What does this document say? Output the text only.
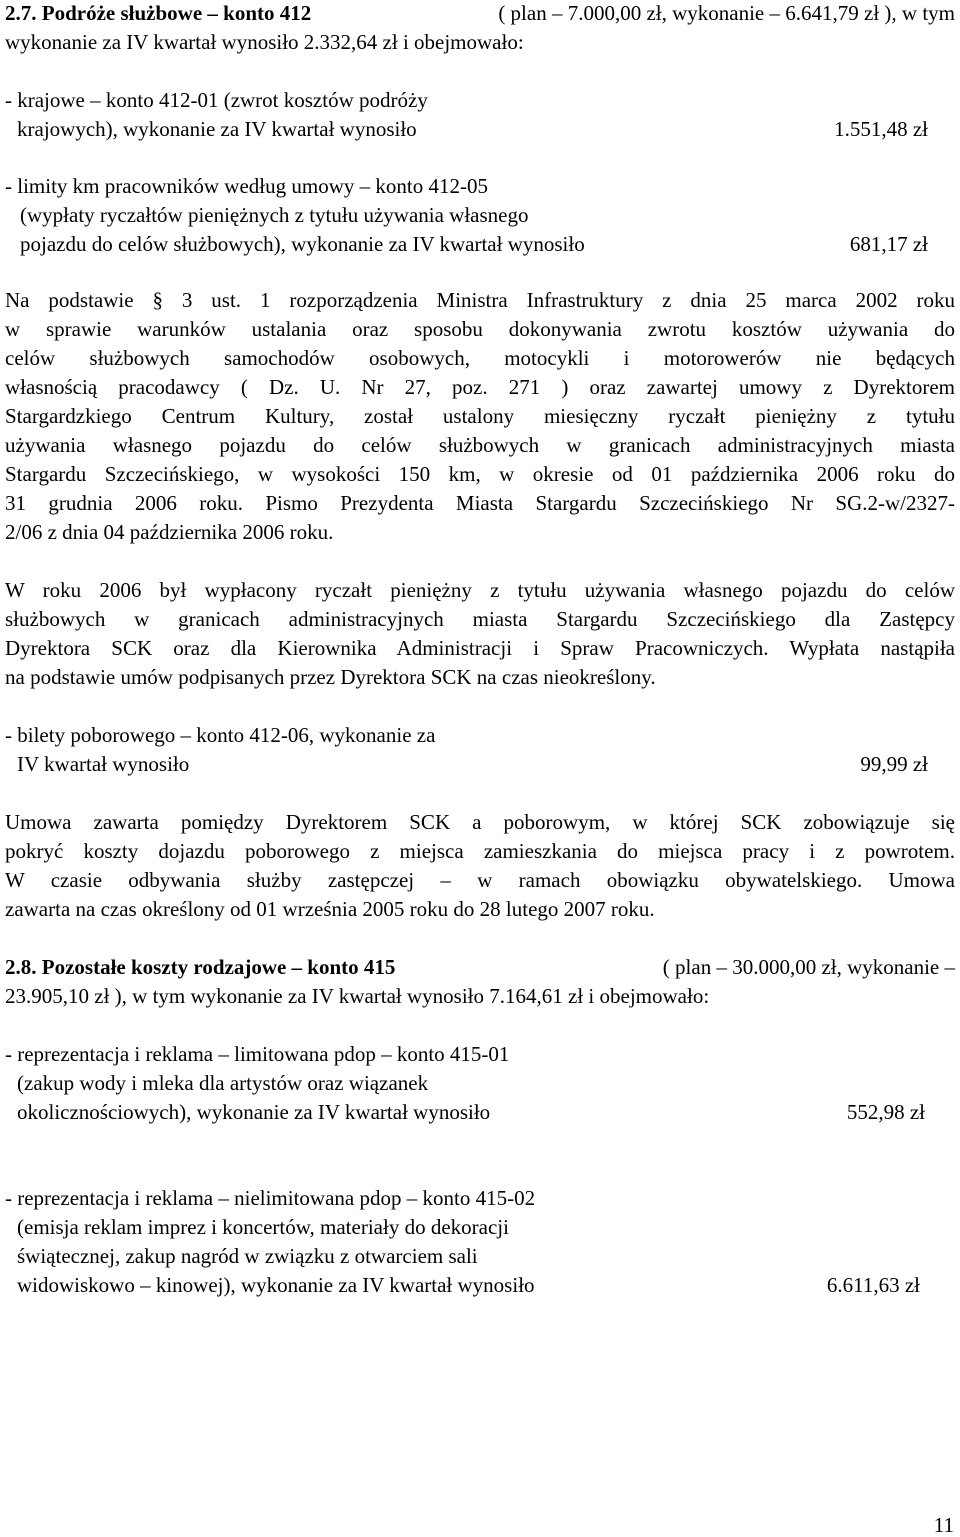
2.7. Podróże służbowe – konto 412	( plan – 7.000,00 zł, wykonanie – 6.641,79 zł ), w tym
wykonanie za IV kwartał wynosiło 2.332,64 zł i obejmowało:
- krajowe – konto 412-01 (zwrot kosztów podróży
krajowych), wykonanie za IV kwartał wynosiło	1.551,48 zł
- limity km pracowników według umowy – konto 412-05
(wypłaty ryczałtów pieniężnych z tytułu używania własnego
pojazdu do celów służbowych), wykonanie za IV kwartał wynosiło	681,17 zł
Na podstawie § 3 ust. 1 rozporządzenia Ministra Infrastruktury z dnia 25 marca 2002 roku
w sprawie warunków ustalania oraz sposobu dokonywania zwrotu kosztów używania do
celów służbowych samochodów osobowych, motocykli i motorowerów nie będących
własnością pracodawcy ( Dz. U. Nr 27, poz. 271 ) oraz zawartej umowy z Dyrektorem
Stargardzkiego Centrum Kultury, został ustalony miesięczny ryczałt pieniężny z tytułu
używania własnego pojazdu do celów służbowych w granicach administracyjnych miasta
Stargardu Szczecińskiego, w wysokości 150 km, w okresie od 01 października 2006 roku do
31 grudnia 2006 roku. Pismo Prezydenta Miasta Stargardu Szczecińskiego Nr SG.2-w/2327-
2/06 z dnia 04 października 2006 roku.
W roku 2006 był wypłacony ryczałt pieniężny z tytułu używania własnego pojazdu do celów
służbowych w granicach administracyjnych miasta Stargardu Szczecińskiego dla Zastępcy
Dyrektora SCK oraz dla Kierownika Administracji i Spraw Pracowniczych. Wypłata nastąpiła
na podstawie umów podpisanych przez Dyrektora SCK na czas nieokreślony.
- bilety poborowego – konto 412-06, wykonanie za
IV kwartał wynosiło	99,99 zł
Umowa zawarta pomiędzy Dyrektorem SCK a poborowym, w której SCK zobowiązuje się
pokryć koszty dojazdu poborowego z miejsca zamieszkania do miejsca pracy i z powrotem.
W czasie odbywania służby zastępczej – w ramach obowiązku obywatelskiego. Umowa
zawarta na czas określony od 01 września 2005 roku do 28 lutego 2007 roku.
2.8. Pozostałe koszty rodzajowe – konto 415	( plan – 30.000,00 zł, wykonanie –
23.905,10 zł ), w tym wykonanie za IV kwartał wynosiło 7.164,61 zł i obejmowało:
- reprezentacja i reklama – limitowana pdop – konto 415-01
(zakup wody i mleka dla artystów oraz wiązanek
okolicznościowych), wykonanie za IV kwartał wynosiło	552,98 zł
- reprezentacja i reklama – nielimitowana pdop – konto 415-02
(emisja reklam imprez i koncertów, materiały do dekoracji
świątecznej, zakup nagród w związku z otwarciem sali
widowiskowo – kinowej), wykonanie za IV kwartał wynosiło	6.611,63 zł
11
